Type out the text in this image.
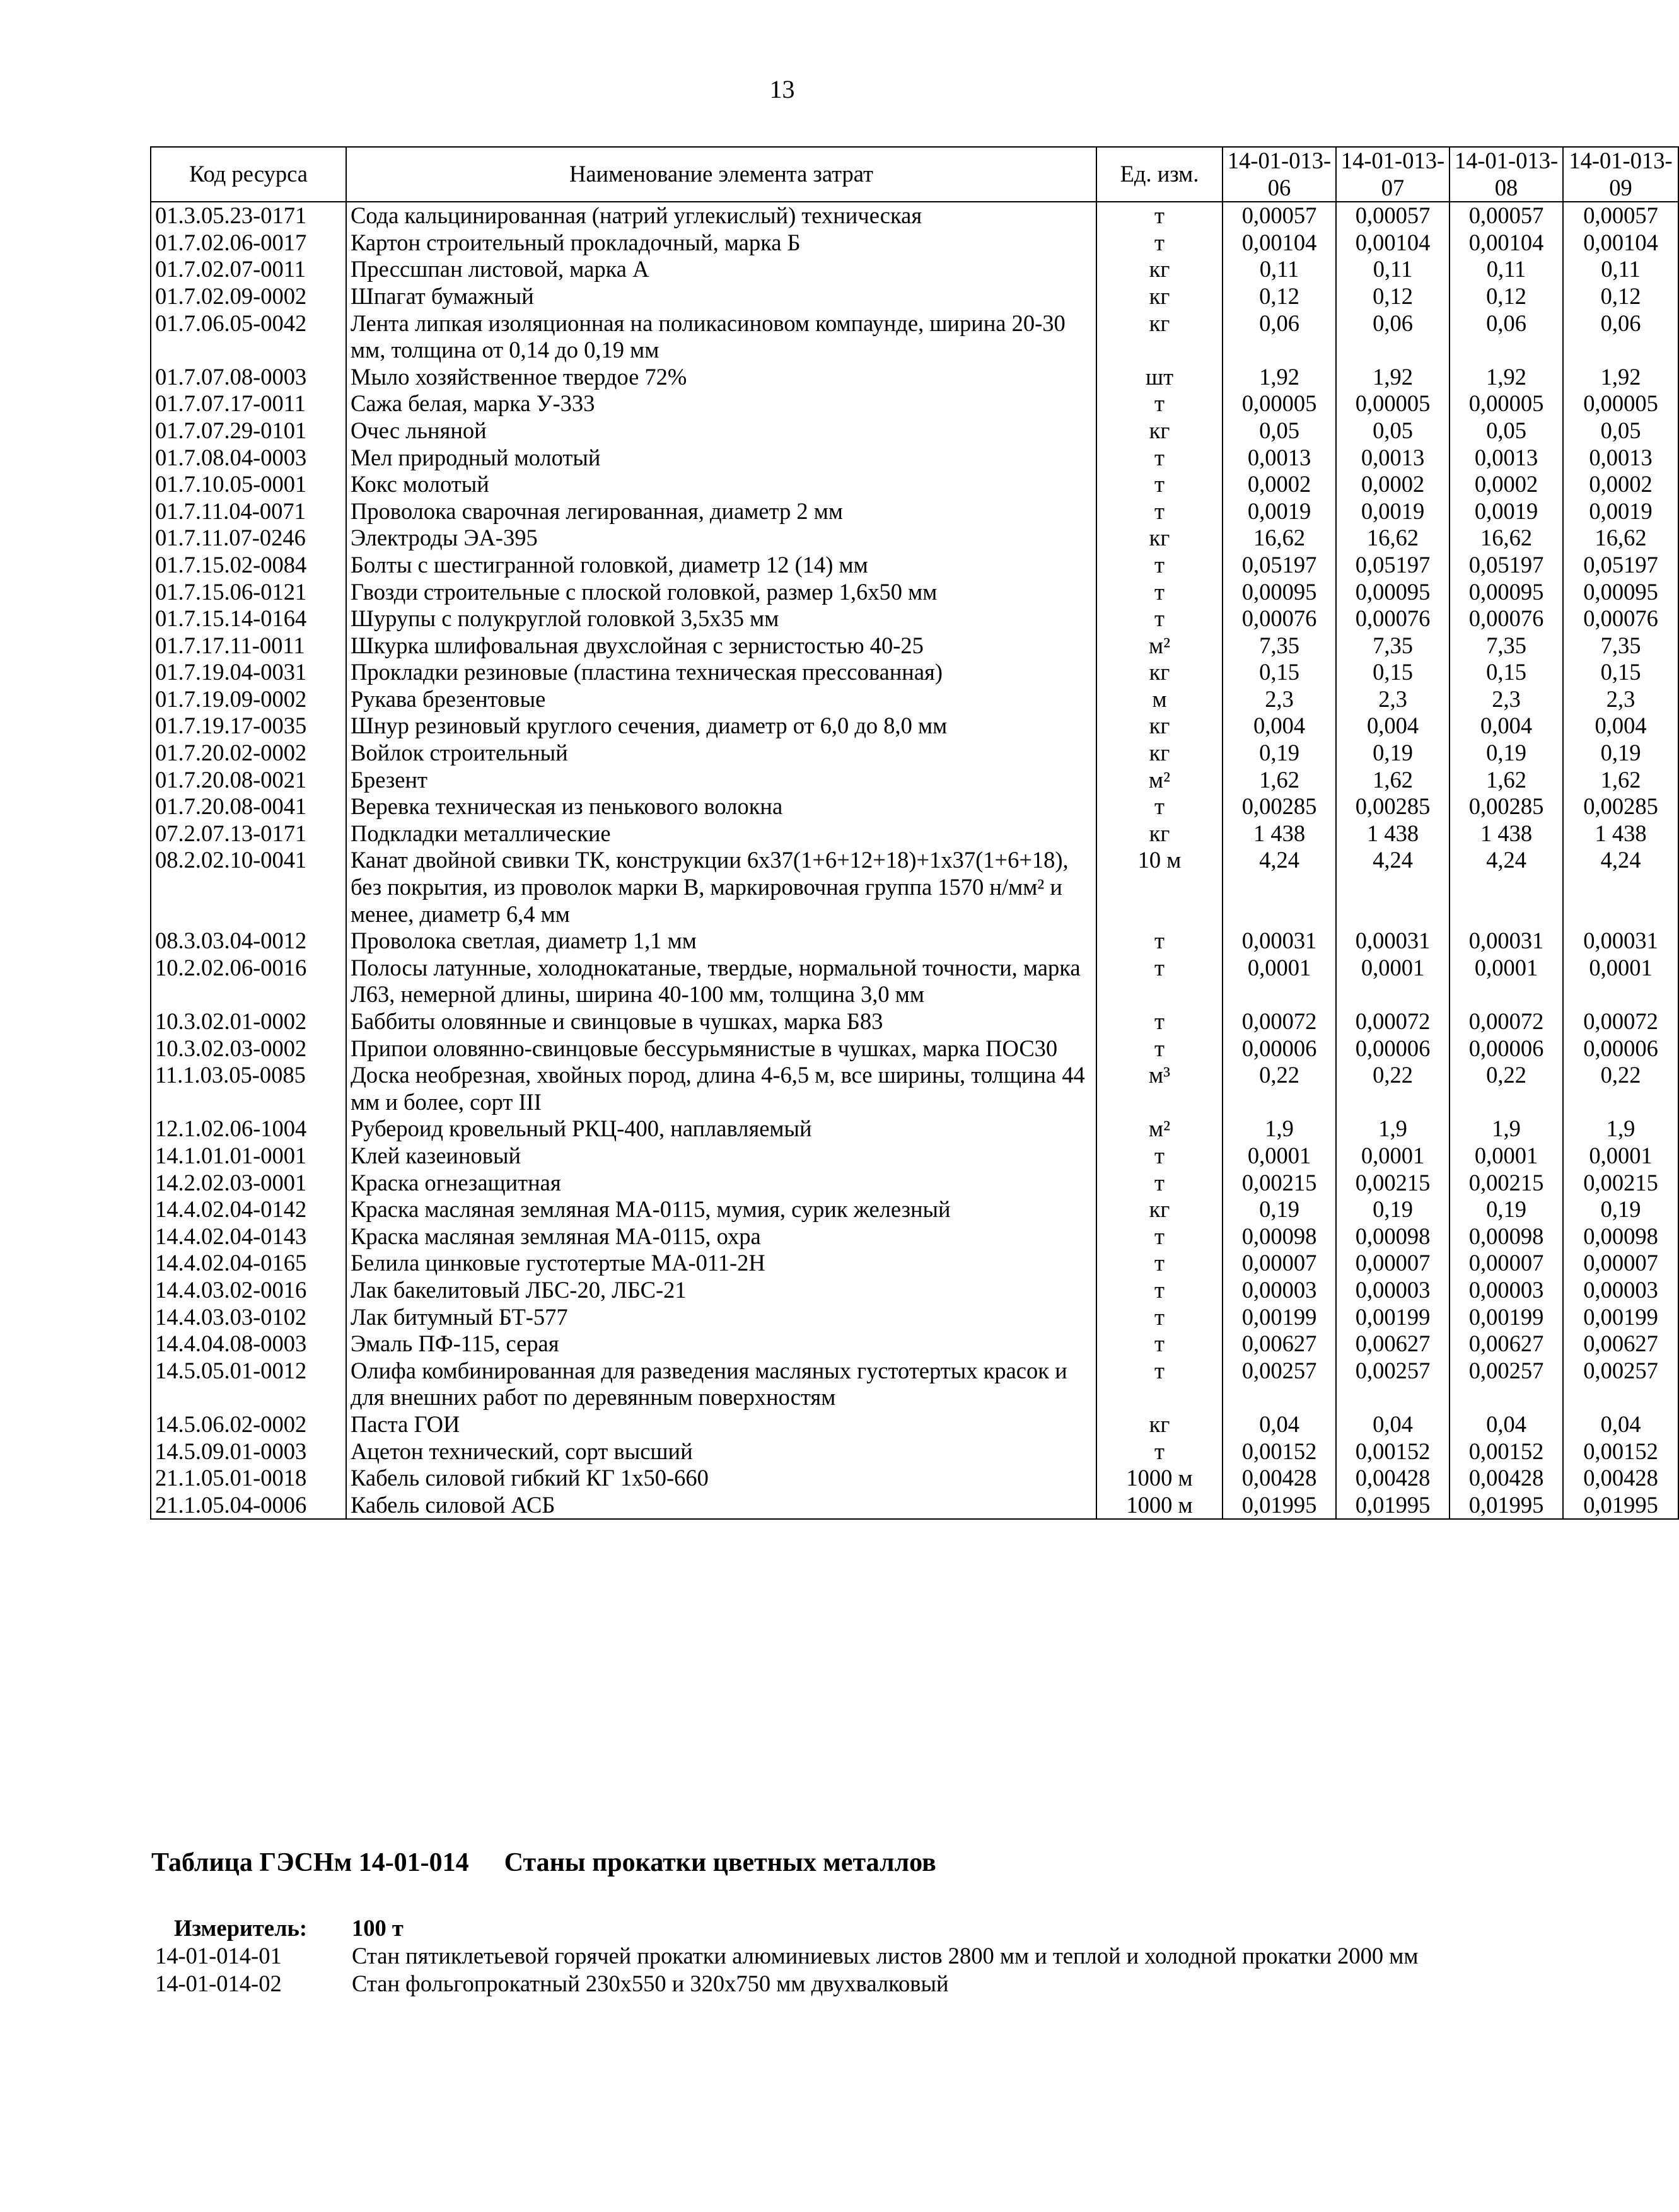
13
Код ресурса	Наименование элемента затрат	Ед. изм.	14-01-013-06	14-01-013-07	14-01-013-08	14-01-013-09
01.3.05.23-0171	Сода кальцинированная (натрий углекислый) техническая	т	0,00057	0,00057	0,00057	0,00057
01.7.02.06-0017	Картон строительный прокладочный, марка Б	т	0,00104	0,00104	0,00104	0,00104
01.7.02.07-0011	Прессшпан листовой, марка А	кг	0,11	0,11	0,11	0,11
01.7.02.09-0002	Шпагат бумажный	кг	0,12	0,12	0,12	0,12
01.7.06.05-0042	Лента липкая изоляционная на поликасиновом компаунде, ширина 20-30 мм, толщина от 0,14 до 0,19 мм	кг	0,06	0,06	0,06	0,06
01.7.07.08-0003	Мыло хозяйственное твердое 72%	шт	1,92	1,92	1,92	1,92
01.7.07.17-0011	Сажа белая, марка У-333	т	0,00005	0,00005	0,00005	0,00005
01.7.07.29-0101	Очес льняной	кг	0,05	0,05	0,05	0,05
01.7.08.04-0003	Мел природный молотый	т	0,0013	0,0013	0,0013	0,0013
01.7.10.05-0001	Кокс молотый	т	0,0002	0,0002	0,0002	0,0002
01.7.11.04-0071	Проволока сварочная легированная, диаметр 2 мм	т	0,0019	0,0019	0,0019	0,0019
01.7.11.07-0246	Электроды ЭА-395	кг	16,62	16,62	16,62	16,62
01.7.15.02-0084	Болты с шестигранной головкой, диаметр 12 (14) мм	т	0,05197	0,05197	0,05197	0,05197
01.7.15.06-0121	Гвозди строительные с плоской головкой, размер 1,6х50 мм	т	0,00095	0,00095	0,00095	0,00095
01.7.15.14-0164	Шурупы с полукруглой головкой 3,5х35 мм	т	0,00076	0,00076	0,00076	0,00076
01.7.17.11-0011	Шкурка шлифовальная двухслойная с зернистостью 40-25	м²	7,35	7,35	7,35	7,35
01.7.19.04-0031	Прокладки резиновые (пластина техническая прессованная)	кг	0,15	0,15	0,15	0,15
01.7.19.09-0002	Рукава брезентовые	м	2,3	2,3	2,3	2,3
01.7.19.17-0035	Шнур резиновый круглого сечения, диаметр от 6,0 до 8,0 мм	кг	0,004	0,004	0,004	0,004
01.7.20.02-0002	Войлок строительный	кг	0,19	0,19	0,19	0,19
01.7.20.08-0021	Брезент	м²	1,62	1,62	1,62	1,62
01.7.20.08-0041	Веревка техническая из пенькового волокна	т	0,00285	0,00285	0,00285	0,00285
07.2.07.13-0171	Подкладки металлические	кг	1 438	1 438	1 438	1 438
08.2.02.10-0041	Канат двойной свивки ТК, конструкции 6х37(1+6+12+18)+1х37(1+6+18), без покрытия, из проволок марки В, маркировочная группа 1570 н/мм² и менее, диаметр 6,4 мм	10 м	4,24	4,24	4,24	4,24
08.3.03.04-0012	Проволока светлая, диаметр 1,1 мм	т	0,00031	0,00031	0,00031	0,00031
10.2.02.06-0016	Полосы латунные, холоднокатаные, твердые, нормальной точности, марка Л63, немерной длины, ширина 40-100 мм, толщина 3,0 мм	т	0,0001	0,0001	0,0001	0,0001
10.3.02.01-0002	Баббиты оловянные и свинцовые в чушках, марка Б83	т	0,00072	0,00072	0,00072	0,00072
10.3.02.03-0002	Припои оловянно-свинцовые бессурьмянистые в чушках, марка ПОС30	т	0,00006	0,00006	0,00006	0,00006
11.1.03.05-0085	Доска необрезная, хвойных пород, длина 4-6,5 м, все ширины, толщина 44 мм и более, сорт III	м³	0,22	0,22	0,22	0,22
12.1.02.06-1004	Рубероид кровельный РКЦ-400, наплавляемый	м²	1,9	1,9	1,9	1,9
14.1.01.01-0001	Клей казеиновый	т	0,0001	0,0001	0,0001	0,0001
14.2.02.03-0001	Краска огнезащитная	т	0,00215	0,00215	0,00215	0,00215
14.4.02.04-0142	Краска масляная земляная МА-0115, мумия, сурик железный	кг	0,19	0,19	0,19	0,19
14.4.02.04-0143	Краска масляная земляная МА-0115, охра	т	0,00098	0,00098	0,00098	0,00098
14.4.02.04-0165	Белила цинковые густотертые МА-011-2Н	т	0,00007	0,00007	0,00007	0,00007
14.4.03.02-0016	Лак бакелитовый ЛБС-20, ЛБС-21	т	0,00003	0,00003	0,00003	0,00003
14.4.03.03-0102	Лак битумный БТ-577	т	0,00199	0,00199	0,00199	0,00199
14.4.04.08-0003	Эмаль ПФ-115, серая	т	0,00627	0,00627	0,00627	0,00627
14.5.05.01-0012	Олифа комбинированная для разведения масляных густотертых красок и для внешних работ по деревянным поверхностям	т	0,00257	0,00257	0,00257	0,00257
14.5.06.02-0002	Паста ГОИ	кг	0,04	0,04	0,04	0,04
14.5.09.01-0003	Ацетон технический, сорт высший	т	0,00152	0,00152	0,00152	0,00152
21.1.05.01-0018	Кабель силовой гибкий КГ 1х50-660	1000 м	0,00428	0,00428	0,00428	0,00428
21.1.05.04-0006	Кабель силовой АСБ	1000 м	0,01995	0,01995	0,01995	0,01995
Таблица ГЭСНм 14-01-014 Станы прокатки цветных металлов
Измеритель:	100 т
14-01-014-01	Стан пятиклетьевой горячей прокатки алюминиевых листов 2800 мм и теплой и холодной прокатки 2000 мм
14-01-014-02	Стан фольгопрокатный 230х550 и 320х750 мм двухвалковый
